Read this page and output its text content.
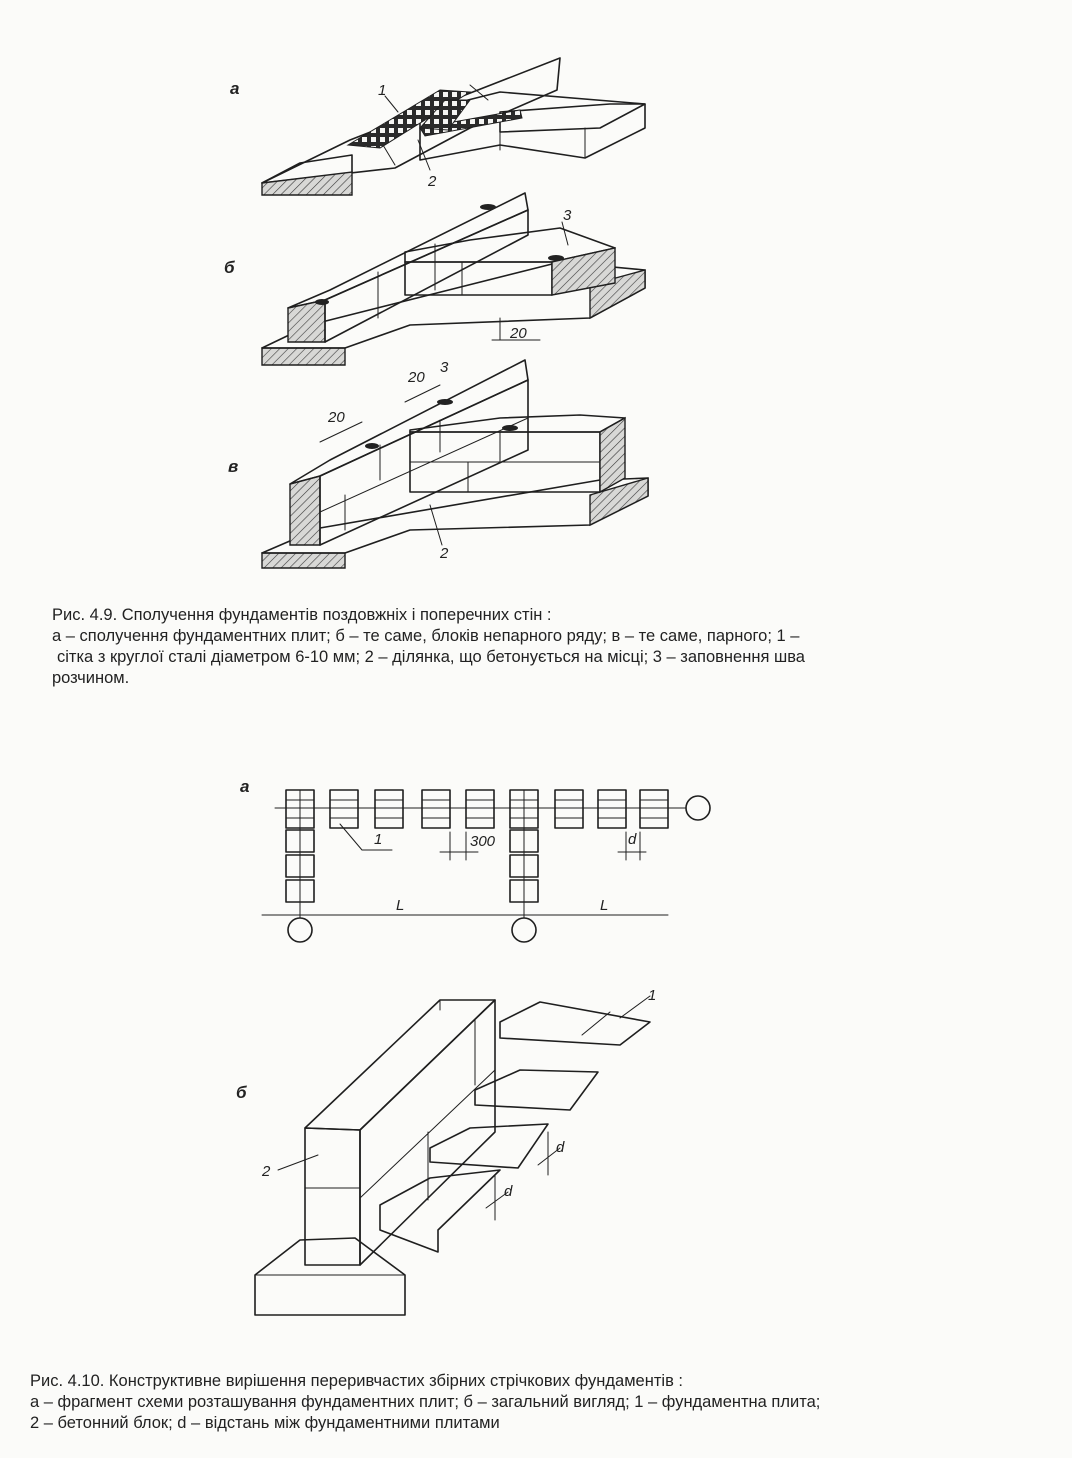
а	1
2
б
20
3
в
20
20
3
2

Рис. 4.9. Сполучення фундаментів поздовжніх і поперечних стін :

а – сполучення фундаментних плит; б – те саме, блоків непарного ряду; в – те саме, парного; 1 –

сітка з круглої сталі діаметром 6-10 мм; 2 – ділянка, що бетонується на місці; 3 – заповнення шва

розчином.

а
1	300	d
L	L
б
1
2
d
d

Рис. 4.10. Конструктивне вирішення переривчастих збірних стрічкових фундаментів :

а – фрагмент схеми розташування фундаментних плит; б – загальний вигляд; 1 – фундаментна плита;

2 – бетонний блок; d – відстань між фундаментними плитами
